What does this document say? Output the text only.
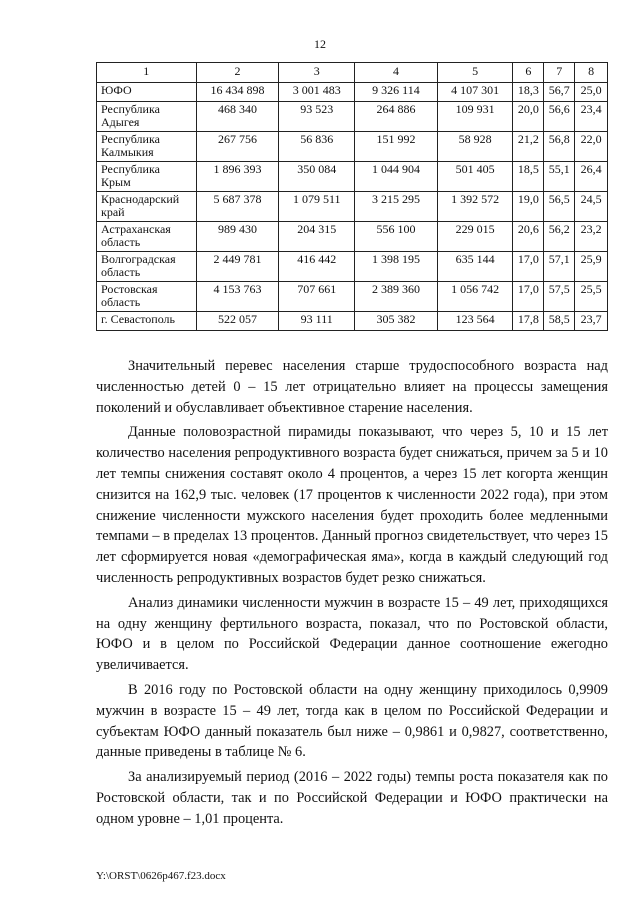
12
1	2	3	4	5	6	7	8
ЮФО	16 434 898	3 001 483	9 326 114	4 107 301	18,3	56,7	25,0
Республика Адыгея	468 340	93 523	264 886	109 931	20,0	56,6	23,4
Республика Калмыкия	267 756	56 836	151 992	58 928	21,2	56,8	22,0
Республика Крым	1 896 393	350 084	1 044 904	501 405	18,5	55,1	26,4
Краснодарский край	5 687 378	1 079 511	3 215 295	1 392 572	19,0	56,5	24,5
Астраханская область	989 430	204 315	556 100	229 015	20,6	56,2	23,2
Волгоградская область	2 449 781	416 442	1 398 195	635 144	17,0	57,1	25,9
Ростовская область	4 153 763	707 661	2 389 360	1 056 742	17,0	57,5	25,5
г. Севастополь	522 057	93 111	305 382	123 564	17,8	58,5	23,7

Значительный перевес населения старше трудоспособного возраста над численностью детей 0 – 15 лет отрицательно влияет на процессы замещения поколений и обуславливает объективное старение населения.

Данные половозрастной пирамиды показывают, что через 5, 10 и 15 лет количество населения репродуктивного возраста будет снижаться, причем за 5 и 10 лет темпы снижения составят около 4 процентов, а через 15 лет когорта женщин снизится на 162,9 тыс. человек (17 процентов к численности 2022 года), при этом снижение численности мужского населения будет проходить более медленными темпами – в пределах 13 процентов. Данный прогноз свидетельствует, что через 15 лет сформируется новая «демографическая яма», когда в каждый следующий год численность репродуктивных возрастов будет резко снижаться.

Анализ динамики численности мужчин в возрасте 15 – 49 лет, приходящихся на одну женщину фертильного возраста, показал, что по Ростовской области, ЮФО и в целом по Российской Федерации данное соотношение ежегодно увеличивается.

В 2016 году по Ростовской области на одну женщину приходилось 0,9909 мужчин в возрасте 15 – 49 лет, тогда как в целом по Российской Федерации и субъектам ЮФО данный показатель был ниже – 0,9861 и 0,9827, соответственно, данные приведены в таблице № 6.

За анализируемый период (2016 – 2022 годы) темпы роста показателя как по Ростовской области, так и по Российской Федерации и ЮФО практически на одном уровне – 1,01 процента.

Y:\ORST\0626p467.f23.docx
